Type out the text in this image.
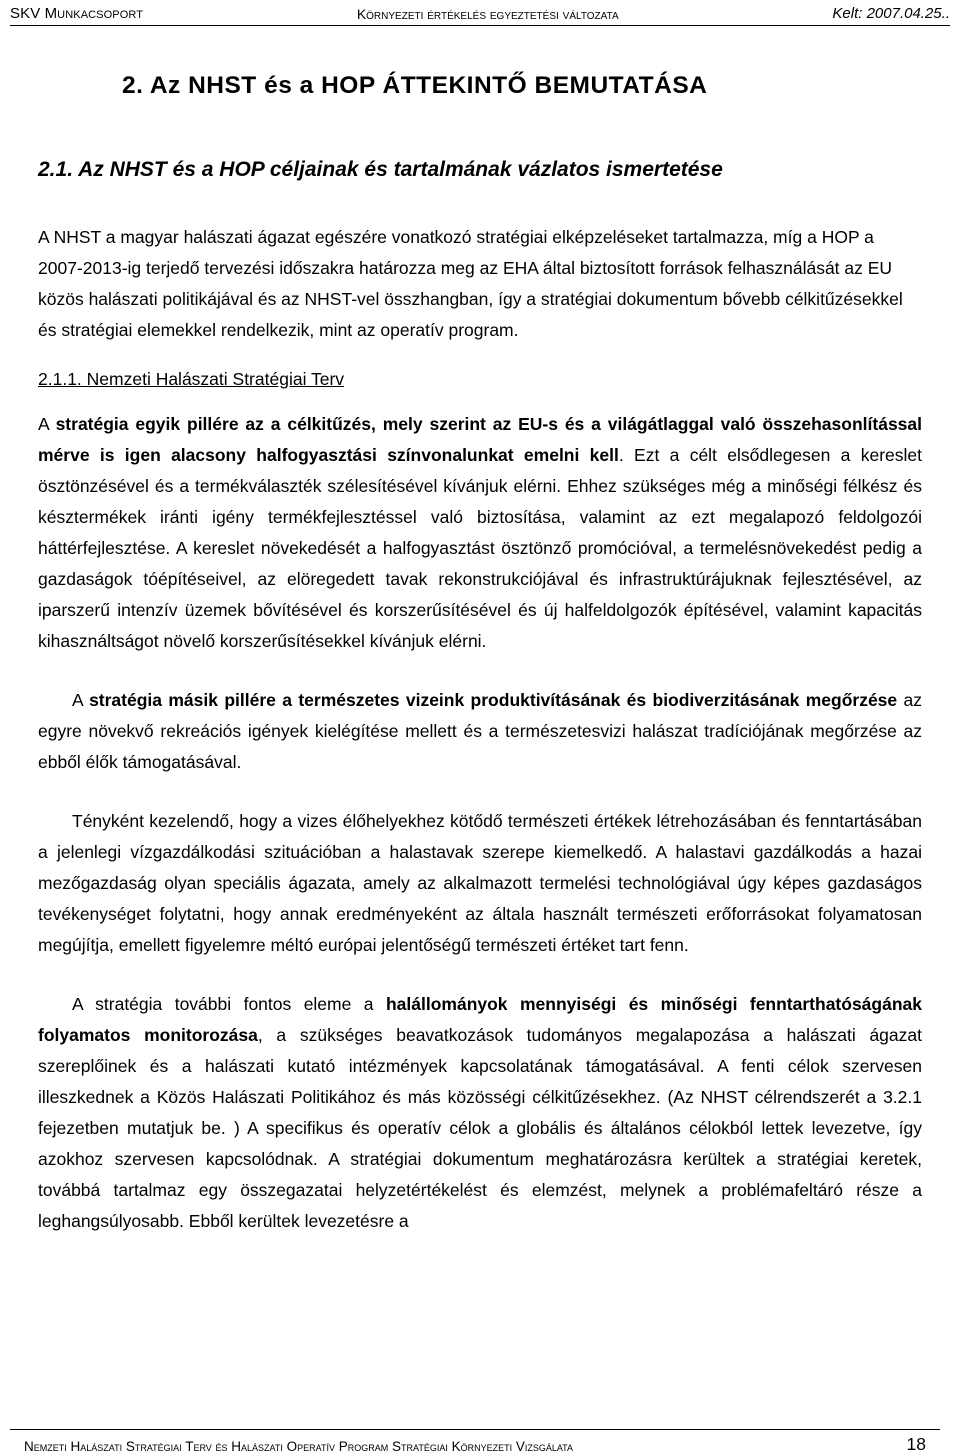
SKV Munkacsoport	Környezeti értékelés egyeztetési változata	Kelt: 2007.04.25..
2. Az NHST és a HOP ÁTTEKINTŐ BEMUTATÁSA
2.1. Az NHST és a HOP céljainak és tartalmának vázlatos ismertetése

A NHST a magyar halászati ágazat egészére vonatkozó stratégiai elképzeléseket tartalmazza, míg a HOP a 2007-2013-ig terjedő tervezési időszakra határozza meg az EHA által biztosított források felhasználását az EU közös halászati politikájával és az NHST-vel összhangban, így a stratégiai dokumentum bővebb célkitűzésekkel és stratégiai elemekkel rendelkezik, mint az operatív program.

2.1.1. Nemzeti Halászati Stratégiai Terv

A stratégia egyik pillére az a célkitűzés, mely szerint az EU-s és a világátlaggal való összehasonlítással mérve is igen alacsony halfogyasztási színvonalunkat emelni kell. Ezt a célt elsődlegesen a kereslet ösztönzésével és a termékválaszték szélesítésével kívánjuk elérni. Ehhez szükséges még a minőségi félkész és késztermékek iránti igény termékfejlesztéssel való biztosítása, valamint az ezt megalapozó feldolgozói háttérfejlesztése. A kereslet növekedését a halfogyasztást ösztönző promócióval, a termelésnövekedést pedig a gazdaságok tóépítéseivel, az elöregedett tavak rekonstrukciójával és infrastruktúrájuknak fejlesztésével, az iparszerű intenzív üzemek bővítésével és korszerűsítésével és új halfeldolgozók építésével, valamint kapacitás kihasználtságot növelő korszerűsítésekkel kívánjuk elérni.

A stratégia másik pillére a természetes vizeink produktivításának és biodiverzitásának megőrzése az egyre növekvő rekreációs igények kielégítése mellett és a természetesvizi halászat tradíciójának megőrzése az ebből élők támogatásával.

Tényként kezelendő, hogy a vizes élőhelyekhez kötődő természeti értékek létrehozásában és fenntartásában a jelenlegi vízgazdálkodási szituációban a halastavak szerepe kiemelkedő. A halastavi gazdálkodás a hazai mezőgazdaság olyan speciális ágazata, amely az alkalmazott termelési technológiával úgy képes gazdaságos tevékenységet folytatni, hogy annak eredményeként az általa használt természeti erőforrásokat folyamatosan megújítja, emellett figyelemre méltó európai jelentőségű természeti értéket tart fenn.

A stratégia további fontos eleme a halállományok mennyiségi és minőségi fenntarthatóságának folyamatos monitorozása, a szükséges beavatkozások tudományos megalapozása a halászati ágazat szereplőinek és a halászati kutató intézmények kapcsolatának támogatásával. A fenti célok szervesen illeszkednek a Közös Halászati Politikához és más közösségi célkitűzésekhez. (Az NHST célrendszerét a 3.2.1 fejezetben mutatjuk be. ) A specifikus és operatív célok a globális és általános célokból lettek levezetve, így azokhoz szervesen kapcsolódnak. A stratégiai dokumentum meghatározásra kerültek a stratégiai keretek, továbbá tartalmaz egy összegazatai helyzetértékelést és elemzést, melynek a problémafeltáró része a leghangsúlyosabb. Ebből kerültek levezetésre a

Nemzeti Halászati Stratégiai Terv és Halászati Operatív Program Stratégiai Környezeti Vizsgálata	18
